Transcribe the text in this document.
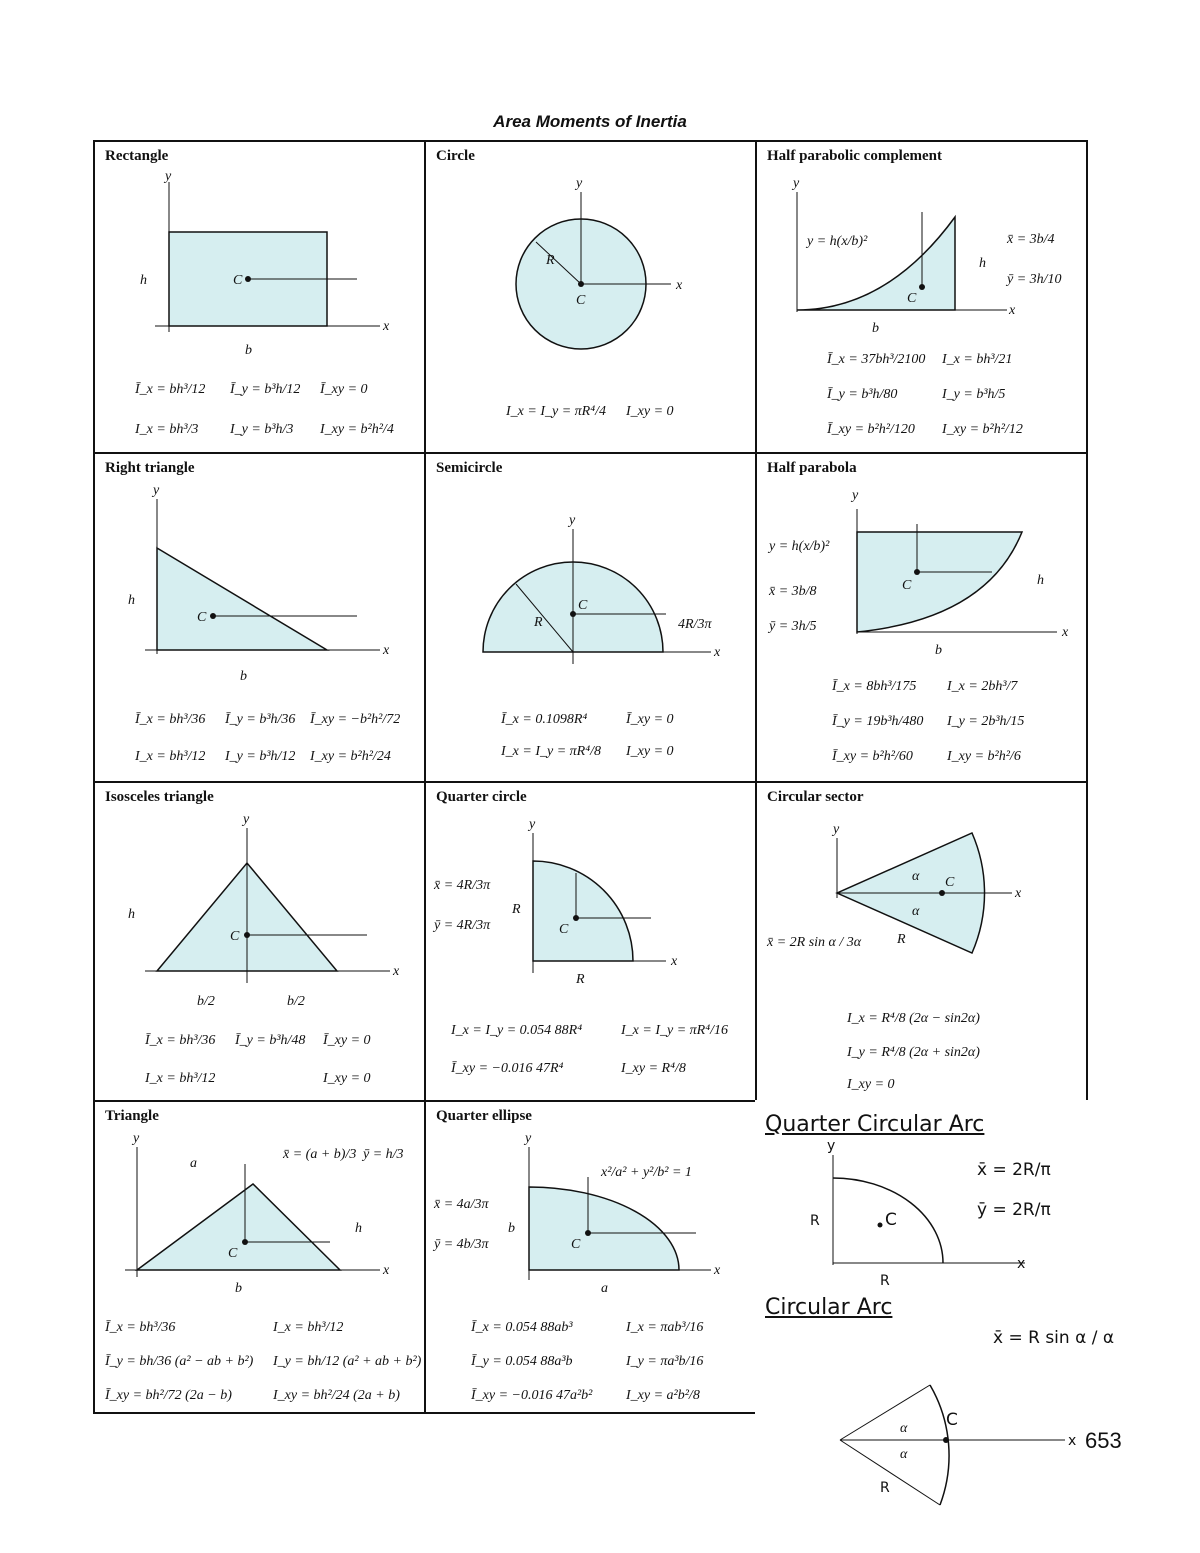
Area Moments of Inertia
Rectangle
C
y
x
h
b
Ī_x = bh³/12 Ī_y = b³h/12 Ī_xy = 0
I_x = bh³/3 I_y = b³h/3 I_xy = b²h²/4
Circle
y
x
C
R
I_x = I_y = πR⁴/4 I_xy = 0
Half parabolic complement
y
x
C
b
h
y = h(x/b)²	x̄ = 3b/4
ȳ = 3h/10
Ī_x = 37bh³/2100 I_x = bh³/21
Ī_y = b³h/80	I_y = b³h/5
Ī_xy = b²h²/120 I_xy = b²h²/12
Right triangle
y
x
C
h
b
Ī_x = bh³/36 Ī_y = b³h/36 Ī_xy = −b²h²/72
I_x = bh³/12 I_y = b³h/12 I_xy = b²h²/24
Semicircle
y
x
C
R	4R/3π
Ī_x = 0.1098R⁴	Ī_xy = 0
I_x = I_y = πR⁴/8 I_xy = 0
Half parabola
y
x
C
b
h
y = h(x/b)²
x̄ = 3b/8
ȳ = 3h/5
Ī_x = 8bh³/175 I_x = 2bh³/7
Ī_y = 19b³h/480 I_y = 2b³h/15
Ī_xy = b²h²/60 I_xy = b²h²/6
Isosceles triangle
y
x
C
h
b/2	b/2
Ī_x = bh³/36 Ī_y = b³h/48 Ī_xy = 0
I_x = bh³/12	I_xy = 0
Quarter circle
y
x
C
R
R
x̄ = 4R/3π
ȳ = 4R/3π
I_x = I_y = 0.054 88R⁴	I_x = I_y = πR⁴/16
Ī_xy = −0.016 47R⁴	I_xy = R⁴/8
Circular sector
y
x
C
α
α
R
x̄ = 2R sin α / 3α
I_x = R⁴/8 (2α − sin2α)
I_y = R⁴/8 (2α + sin2α)
I_xy = 0
Triangle
y
x
C
a
b
h
x̄ = (a + b)/3 ȳ = h/3
Ī_x = bh³/36	I_x = bh³/12
Ī_y = bh/36 (a² − ab + b²) I_y = bh/12 (a² + ab + b²)
Ī_xy = bh²/72 (2a − b)	I_xy = bh²/24 (2a + b)
Quarter ellipse
y
x
C
a
b
x²/a² + y²/b² = 1
x̄ = 4a/3π
ȳ = 4b/3π
Ī_x = 0.054 88ab³	I_x = πab³/16
Ī_y = 0.054 88a³b	I_y = πa³b/16
Ī_xy = −0.016 47a²b² I_xy = a²b²/8
Quarter Circular Arc
y
x
C
R
R
x̄ = 2R/π
ȳ = 2R/π
Circular Arc
x̄ = R sin α / α
C
α
α
R
x 653
